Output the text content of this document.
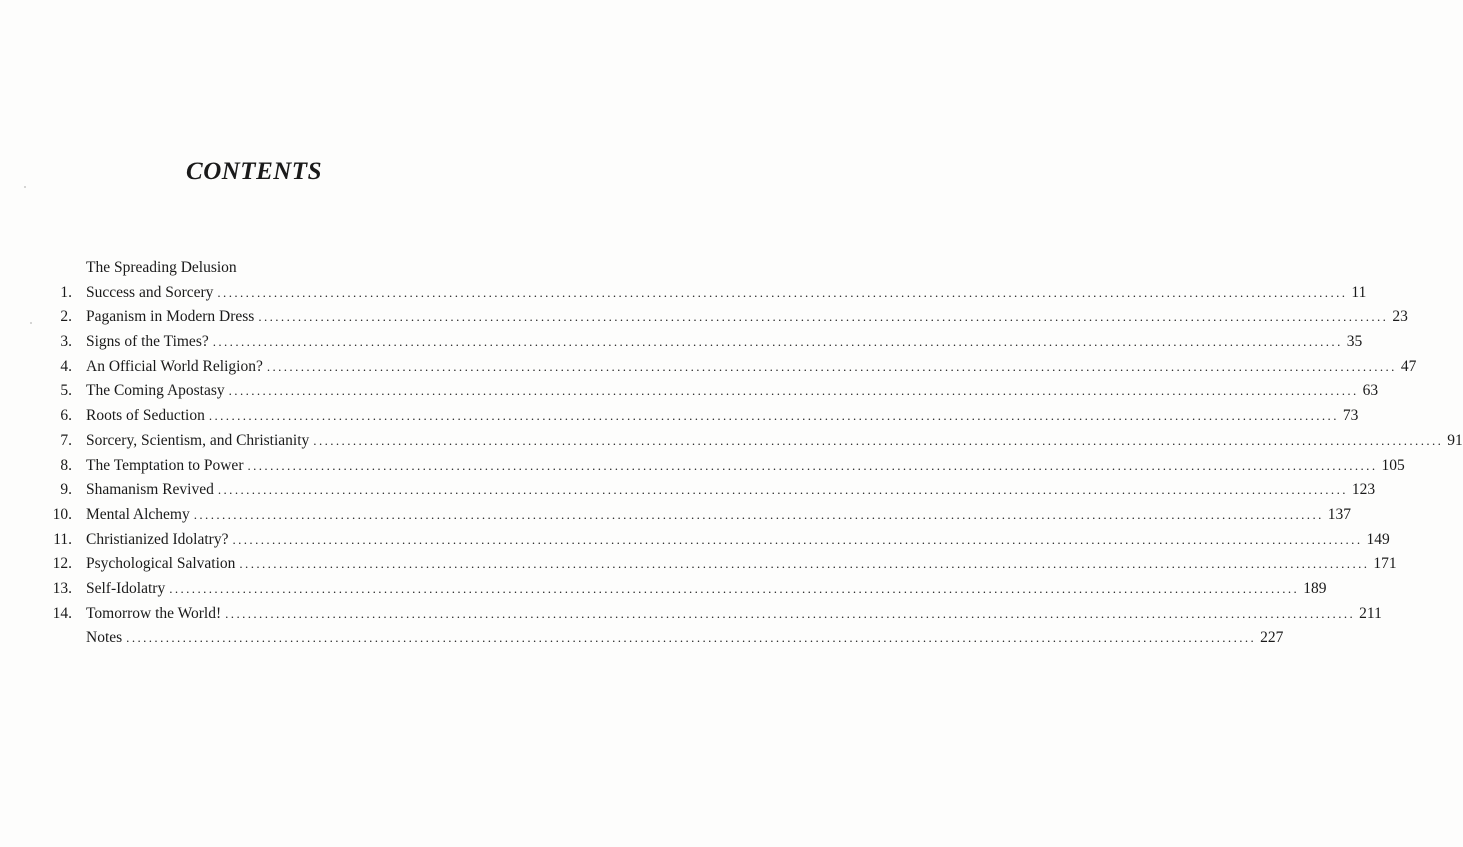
CONTENTS
The Spreading Delusion
1. Success and Sorcery ........................................................................................................................................................................................................ 11
2. Paganism in Modern Dress ........................................................................................................................................................................................................ 23
3. Signs of the Times? ........................................................................................................................................................................................................ 35
4. An Official World Religion? ........................................................................................................................................................................................................ 47
5. The Coming Apostasy ........................................................................................................................................................................................................ 63
6. Roots of Seduction ........................................................................................................................................................................................................ 73
7. Sorcery, Scientism, and Christianity ........................................................................................................................................................................................................ 91
8. The Temptation to Power ........................................................................................................................................................................................................ 105
9. Shamanism Revived ........................................................................................................................................................................................................ 123
10. Mental Alchemy ........................................................................................................................................................................................................ 137
11. Christianized Idolatry? ........................................................................................................................................................................................................ 149
12. Psychological Salvation ........................................................................................................................................................................................................ 171
13. Self-Idolatry ........................................................................................................................................................................................................ 189
14. Tomorrow the World! ........................................................................................................................................................................................................ 211
Notes ........................................................................................................................................................................................................ 227
